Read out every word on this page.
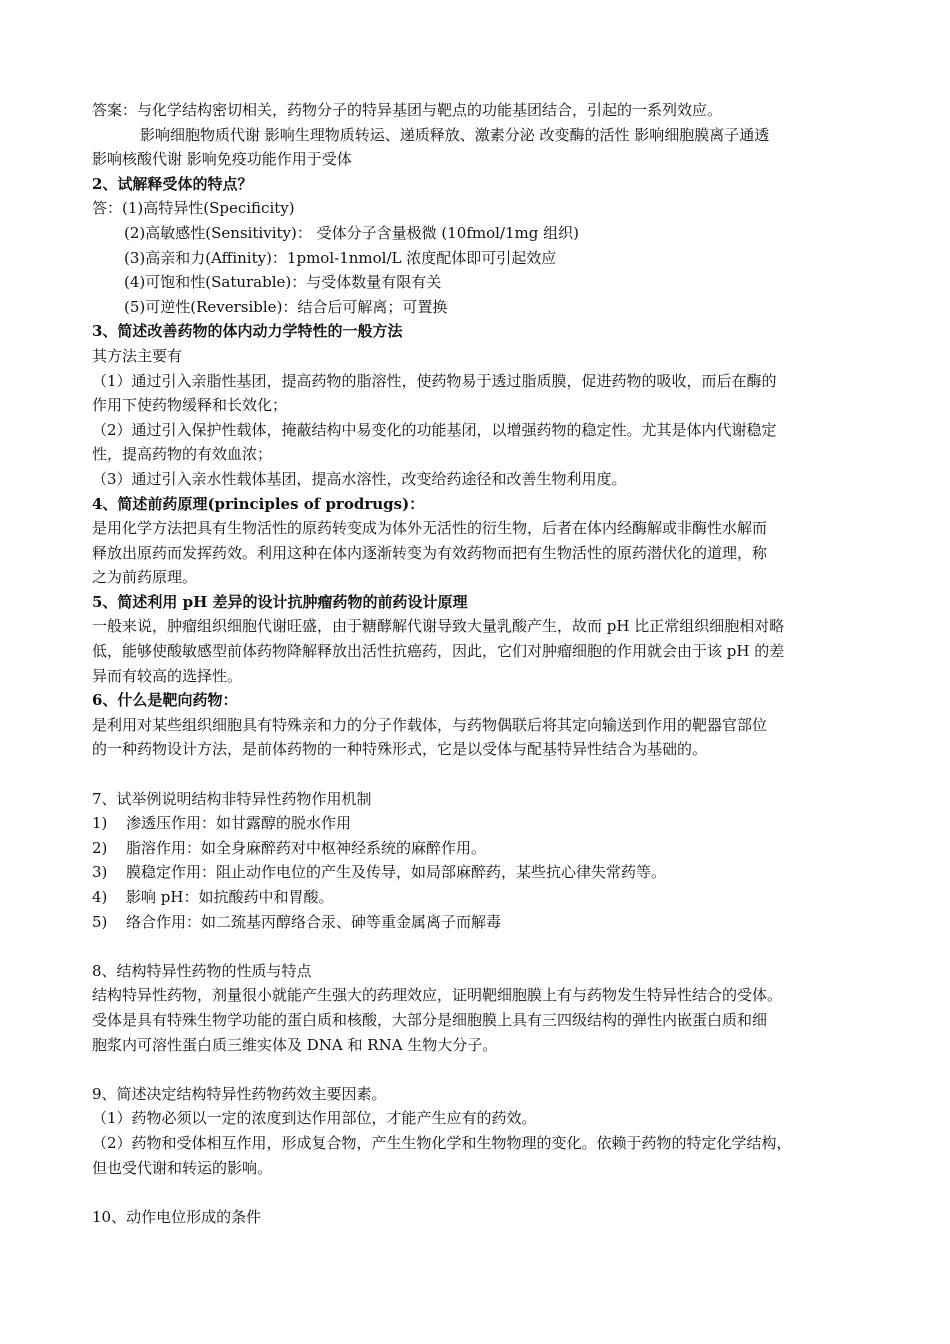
答案：与化学结构密切相关，药物分子的特异基团与靶点的功能基团结合，引起的一系列效应。
影响细胞物质代谢 影响生理物质转运、递质释放、激素分泌 改变酶的活性 影响细胞膜离子通透
影响核酸代谢 影响免疫功能作用于受体
2、试解释受体的特点？
答：(1)高特异性(Specificity)
(2)高敏感性(Sensitivity)： 受体分子含量极微 (10fmol/1mg 组织)
(3)高亲和力(Affinity)：1pmol-1nmol/L 浓度配体即可引起效应
(4)可饱和性(Saturable)：与受体数量有限有关
(5)可逆性(Reversible)：结合后可解离；可置换
3、简述改善药物的体内动力学特性的一般方法
其方法主要有
（1）通过引入亲脂性基团，提高药物的脂溶性，使药物易于透过脂质膜，促进药物的吸收，而后在酶的
作用下使药物缓释和长效化；
（2）通过引入保护性载体，掩蔽结构中易变化的功能基闭，以增强药物的稳定性。尤其是体内代谢稳定
性，提高药物的有效血浓；
（3）通过引入亲水性载体基团，提高水溶性，改变给药途径和改善生物利用度。
4、简述前药原理(principles of prodrugs)：
是用化学方法把具有生物活性的原药转变成为体外无活性的衍生物，后者在体内经酶解或非酶性水解而
释放出原药而发挥药效。利用这种在体内逐渐转变为有效药物而把有生物活性的原药潜伏化的道理，称
之为前药原理。
5、简述利用 pH 差异的设计抗肿瘤药物的前药设计原理
一般来说，肿瘤组织细胞代谢旺盛，由于糖酵解代谢导致大量乳酸产生，故而 pH 比正常组织细胞相对略
低，能够使酸敏感型前体药物降解释放出活性抗癌药，因此，它们对肿瘤细胞的作用就会由于该 pH 的差
异而有较高的选择性。
6、什么是靶向药物：
是利用对某些组织细胞具有特殊亲和力的分子作载体，与药物偶联后将其定向输送到作用的靶器官部位
的一种药物设计方法，是前体药物的一种特殊形式，它是以受体与配基特异性结合为基础的。
7、试举例说明结构非特异性药物作用机制
1)	渗透压作用：如甘露醇的脱水作用
2)	脂溶作用：如全身麻醉药对中枢神经系统的麻醉作用。
3)	膜稳定作用：阻止动作电位的产生及传导，如局部麻醉药，某些抗心律失常药等。
4)	影响 pH：如抗酸药中和胃酸。
5)	络合作用：如二巯基丙醇络合汞、砷等重金属离子而解毒
8、结构特异性药物的性质与特点
结构特异性药物，剂量很小就能产生强大的药理效应，证明靶细胞膜上有与药物发生特异性结合的受体。
受体是具有特殊生物学功能的蛋白质和核酸，大部分是细胞膜上具有三四级结构的弹性内嵌蛋白质和细
胞浆内可溶性蛋白质三维实体及 DNA 和 RNA 生物大分子。
9、简述决定结构特异性药物药效主要因素。
（1）药物必须以一定的浓度到达作用部位，才能产生应有的药效。
（2）药物和受体相互作用，形成复合物，产生生物化学和生物物理的变化。依赖于药物的特定化学结构，
但也受代谢和转运的影响。
10、动作电位形成的条件
